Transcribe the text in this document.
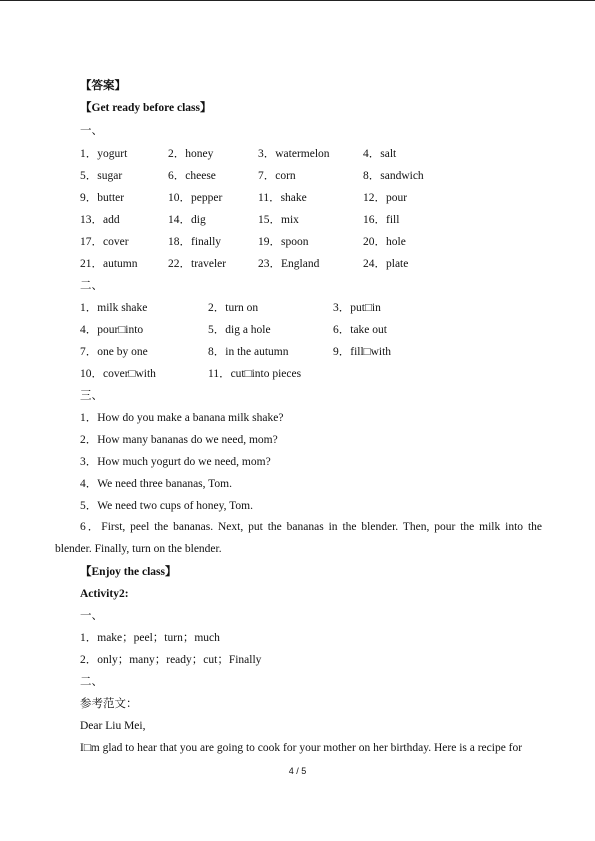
【答案】
【Get ready before class】
一、
1．yogurt	2．honey	3．watermelon	4．salt
5．sugar	6．cheese	7．corn	8．sandwich
9．butter	10．pepper	11．shake	12．pour
13．add	14．dig	15．mix	16．fill
17．cover	18．finally	19．spoon	20．hole
21．autumn	22．traveler	23．England	24．plate
二、
1．milk shake	2．turn on	3．put□in
4．pour□into	5．dig a hole	6．take out
7．one by one	8．in the autumn	9．fill□with
10．cover□with	11．cut□into pieces
三、
1．How do you make a banana milk shake?
2．How many bananas do we need, mom?
3．How much yogurt do we need, mom?
4．We need three bananas, Tom.
5．We need two cups of honey, Tom.
6．First, peel the bananas. Next, put the bananas in the blender. Then, pour the milk into the blender. Finally, turn on the blender.
【Enjoy the class】
Activity2:
一、
1．make；peel；turn；much
2．only；many；ready；cut；Finally
二、
参考范文：
Dear Liu Mei,
I□m glad to hear that you are going to cook for your mother on her birthday. Here is a recipe for
4 / 5
